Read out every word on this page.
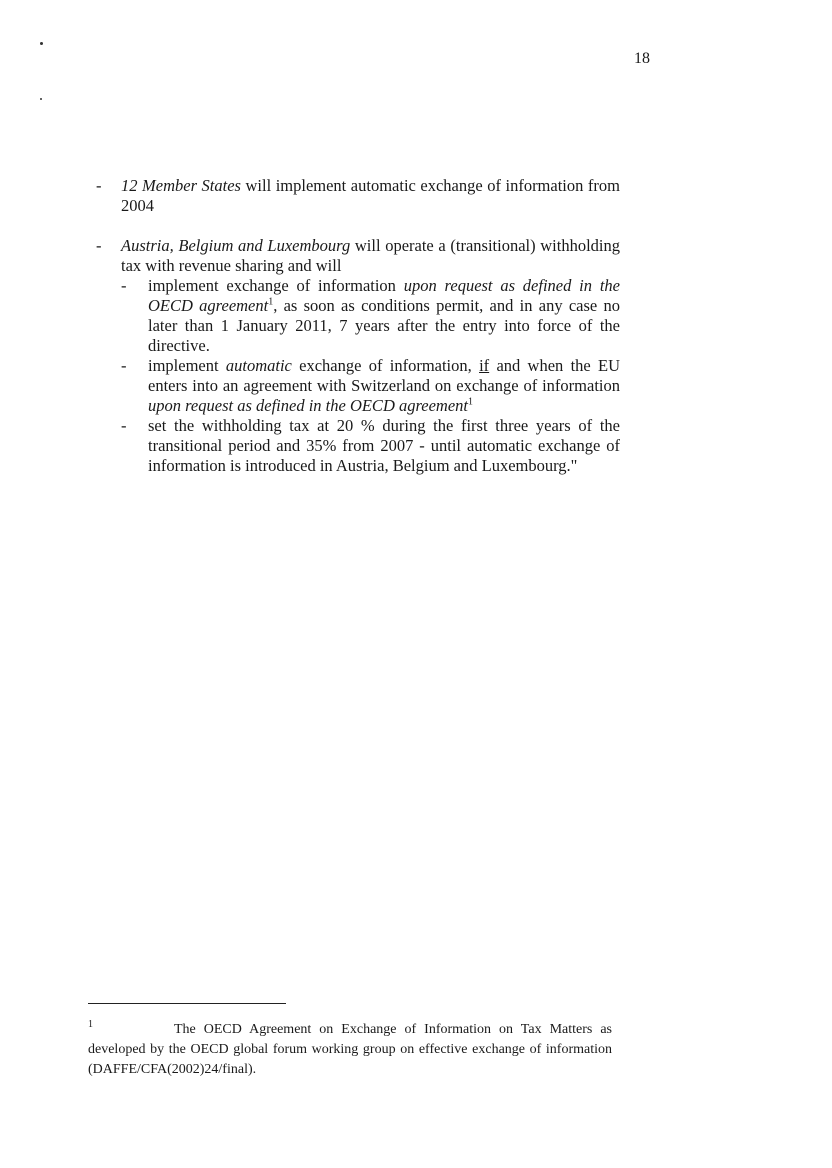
18
- 12 Member States will implement automatic exchange of information from 2004
- Austria, Belgium and Luxembourg will operate a (transitional) withholding tax with revenue sharing and will
- implement exchange of information upon request as defined in the OECD agreement$^1$, as soon as conditions permit, and in any case no later than 1 January 2011, 7 years after the entry into force of the directive.
- implement automatic exchange of information, if and when the EU enters into an agreement with Switzerland on exchange of information upon request as defined in the OECD agreement$^1$
- set the withholding tax at 20 % during the first three years of the transitional period and 35% from 2007 - until automatic exchange of information is introduced in Austria, Belgium and Luxembourg."
1	The OECD Agreement on Exchange of Information on Tax Matters as developed by the OECD global forum working group on effective exchange of information (DAFFE/CFA(2002)24/final).
